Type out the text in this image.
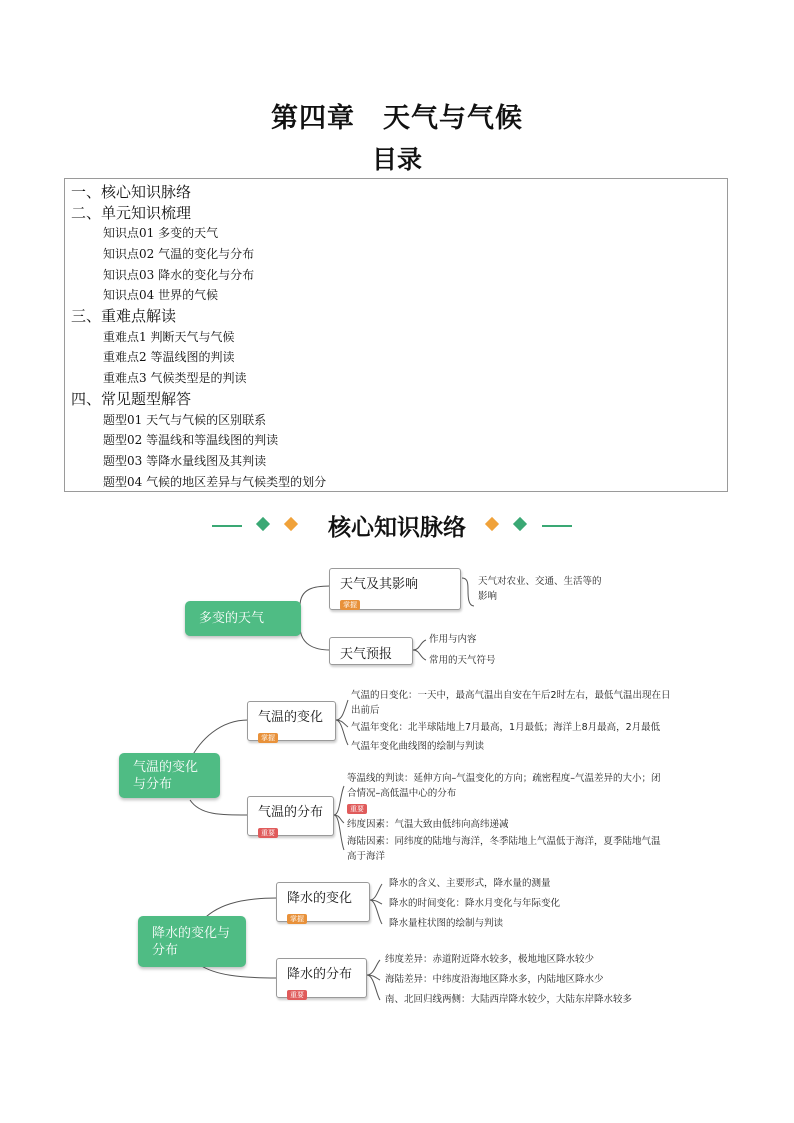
第四章　天气与气候
目录
一、核心知识脉络
二、单元知识梳理
知识点01 多变的天气
知识点02 气温的变化与分布
知识点03 降水的变化与分布
知识点04 世界的气候
三、重难点解读
重难点1 判断天气与气候
重难点2 等温线图的判读
重难点3 气候类型是的判读
四、常见题型解答
题型01 天气与气候的区别联系
题型02 等温线和等温线图的判读
题型03 等降水量线图及其判读
题型04 气候的地区差异与气候类型的划分
核心知识脉络
多变的天气
天气及其影响
掌握
天气对农业、交通、生活等的影响
天气预报
作用与内容
常用的天气符号
气温的变化与分布
气温的变化
掌握
气温的日变化：一天中，最高气温出自安在午后2时左右，最低气温出现在日出前后
气温年变化：北半球陆地上7月最高，1月最低；海洋上8月最高，2月最低
气温年变化曲线图的绘制与判读
气温的分布
重要
等温线的判读：延伸方向–气温变化的方向；疏密程度–气温差异的大小；闭合情况–高低温中心的分布
重要
纬度因素：气温大致由低纬向高纬递减
海陆因素：同纬度的陆地与海洋，冬季陆地上气温低于海洋，夏季陆地气温高于海洋
降水的变化与分布
降水的变化
掌握
降水的含义、主要形式，降水量的测量
降水的时间变化：降水月变化与年际变化
降水量柱状图的绘制与判读
降水的分布
重要
纬度差异：赤道附近降水较多，极地地区降水较少
海陆差异：中纬度沿海地区降水多，内陆地区降水少
南、北回归线两侧：大陆西岸降水较少，大陆东岸降水较多
